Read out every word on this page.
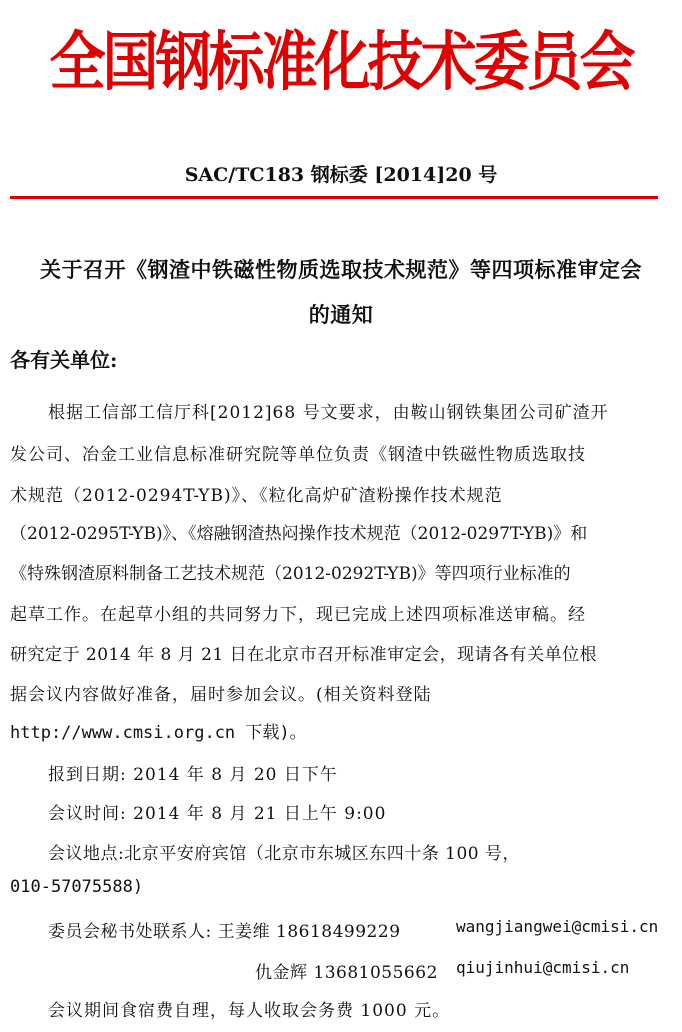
全国钢标准化技术委员会
SAC/TC183 钢标委 [2014]20 号
关于召开《钢渣中铁磁性物质选取技术规范》等四项标准审定会
的通知
各有关单位:
根据工信部工信厅科[2012]68 号文要求，由鞍山钢铁集团公司矿渣开
发公司、冶金工业信息标准研究院等单位负责《钢渣中铁磁性物质选取技
术规范（2012-0294T-YB)》、《粒化高炉矿渣粉操作技术规范
（2012-0295T-YB)》、《熔融钢渣热闷操作技术规范（2012-0297T-YB)》和
《特殊钢渣原料制备工艺技术规范（2012-0292T-YB)》等四项行业标准的
起草工作。在起草小组的共同努力下，现已完成上述四项标准送审稿。经
研究定于 2014 年 8 月 21 日在北京市召开标准审定会，现请各有关单位根
据会议内容做好准备，届时参加会议。(相关资料登陆
http://www.cmsi.org.cn 下载)。
报到日期: 2014 年 8 月 20 日下午
会议时间: 2014 年 8 月 21 日上午 9:00
会议地点:北京平安府宾馆（北京市东城区东四十条 100 号，
010-57075588)
委员会秘书处联系人: 王姜维 18618499229	wangjiangwei@cmisi.cn
仇金辉 13681055662 qiujinhui@cmisi.cn
会议期间食宿费自理，每人收取会务费 1000 元。
